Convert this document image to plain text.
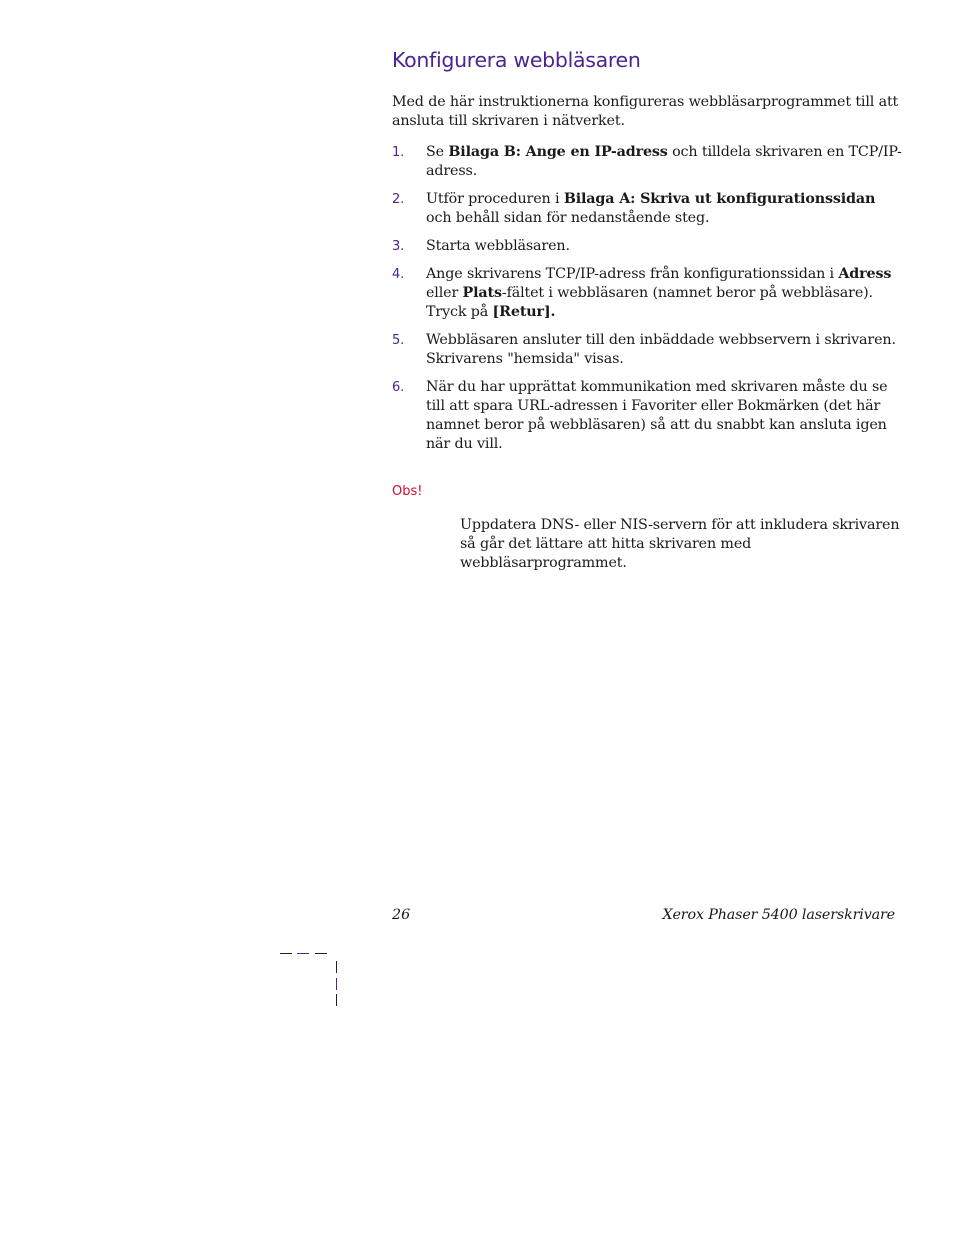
Konfigurera webbläsaren

Med de här instruktionerna konfigureras webbläsarprogrammet till att ansluta till skrivaren i nätverket.

1. Se Bilaga B: Ange en IP-adress och tilldela skrivaren en TCP/IP-adress.
2. Utför proceduren i Bilaga A: Skriva ut konfigurationssidan och behåll sidan för nedanstående steg.
3. Starta webbläsaren.
4. Ange skrivarens TCP/IP-adress från konfigurationssidan i Adress eller Plats-fältet i webbläsaren (namnet beror på webbläsare). Tryck på [Retur].
5. Webbläsaren ansluter till den inbäddade webbservern i skrivaren. Skrivarens "hemsida" visas.
6. När du har upprättat kommunikation med skrivaren måste du se till att spara URL-adressen i Favoriter eller Bokmärken (det här namnet beror på webbläsaren) så att du snabbt kan ansluta igen när du vill.

Obs!

Uppdatera DNS- eller NIS-servern för att inkludera skrivaren så går det lättare att hitta skrivaren med webbläsarprogrammet.

26	Xerox Phaser 5400 laserskrivare
